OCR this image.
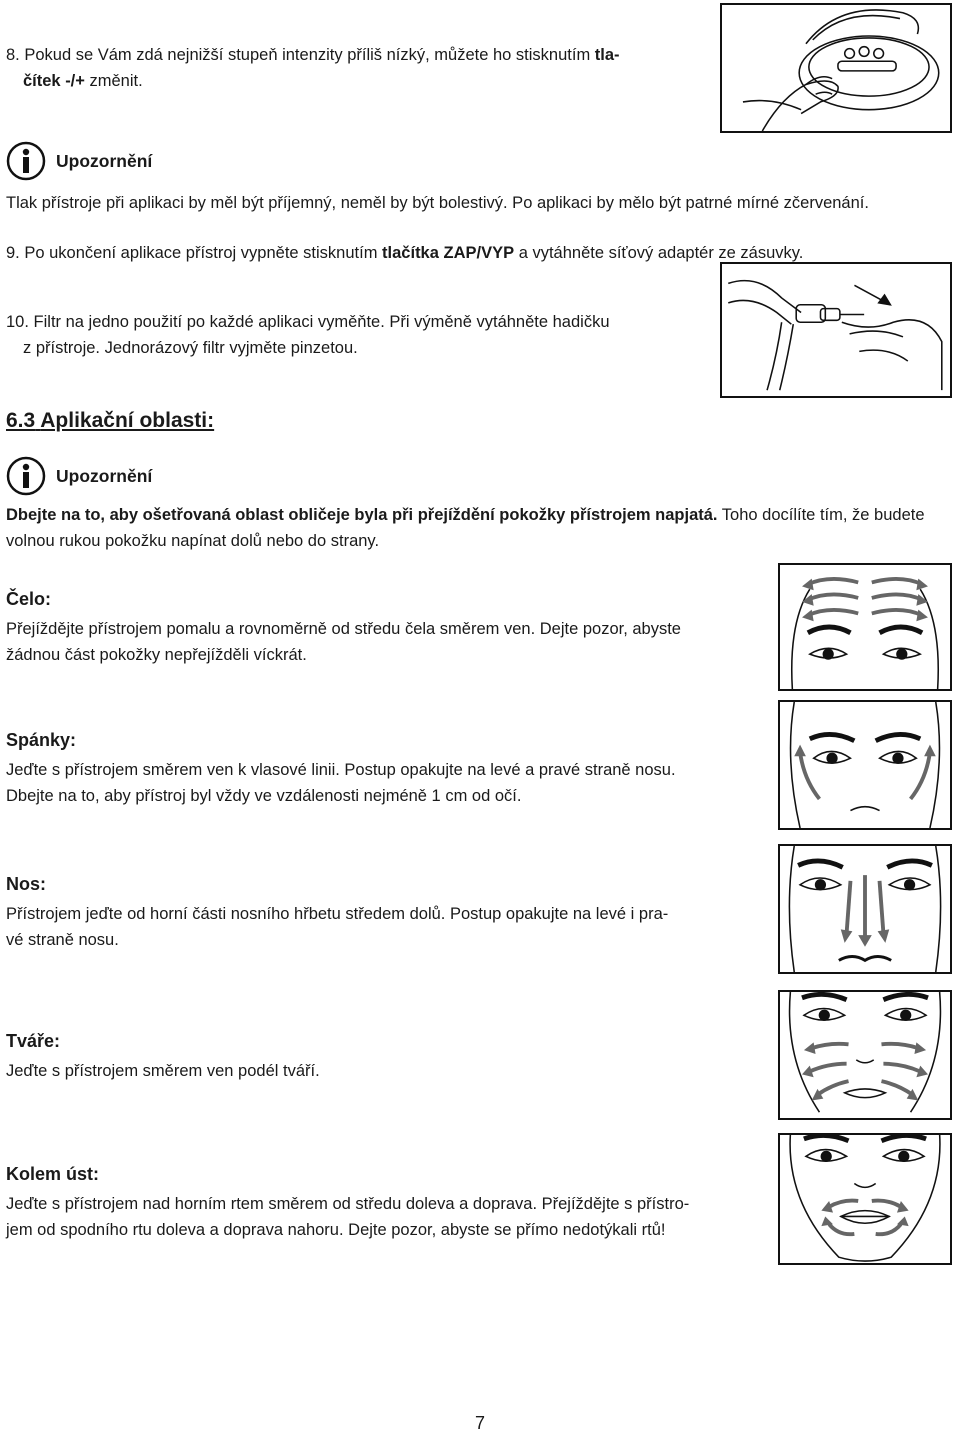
8. Pokud se Vám zdá nejnižší stupeň intenzity příliš nízký, můžete ho stisknutím tla-
čítek -/+ změnit.

Upozornění
Tlak přístroje při aplikaci by měl být příjemný, neměl by být bolestivý. Po aplikaci by mělo být patrné mírné zčervenání.
9. Po ukončení aplikace přístroj vypněte stisknutím tlačítka ZAP/VYP a vytáhněte síťový adaptér ze zásuvky.
10. Filtr na jedno použití po každé aplikaci vyměňte. Při výměně vytáhněte hadičku
z přístroje. Jednorázový filtr vyjměte pinzetou.
6.3 Aplikační oblasti:
Upozornění
Dbejte na to, aby ošetřovaná oblast obličeje byla při přejíždění pokožky přístrojem napjatá. Toho docílíte tím, že budete volnou rukou pokožku napínat dolů nebo do strany.
Čelo:
Přejíždějte přístrojem pomalu a rovnoměrně od středu čela směrem ven. Dejte pozor, abyste
žádnou část pokožky nepřejížděli víckrát.
Spánky:
Jeďte s přístrojem směrem ven k vlasové linii. Postup opakujte na levé a pravé straně nosu.
Dbejte na to, aby přístroj byl vždy ve vzdálenosti nejméně 1 cm od očí.
Nos:
Přístrojem jeďte od horní části nosního hřbetu středem dolů. Postup opakujte na levé i pra-
vé straně nosu.
Tváře:
Jeďte s přístrojem směrem ven podél tváří.
Kolem úst:
Jeďte s přístrojem nad horním rtem směrem od středu doleva a doprava. Přejíždějte s přístro-
jem od spodního rtu doleva a doprava nahoru. Dejte pozor, abyste se přímo nedotýkali rtů!
7
